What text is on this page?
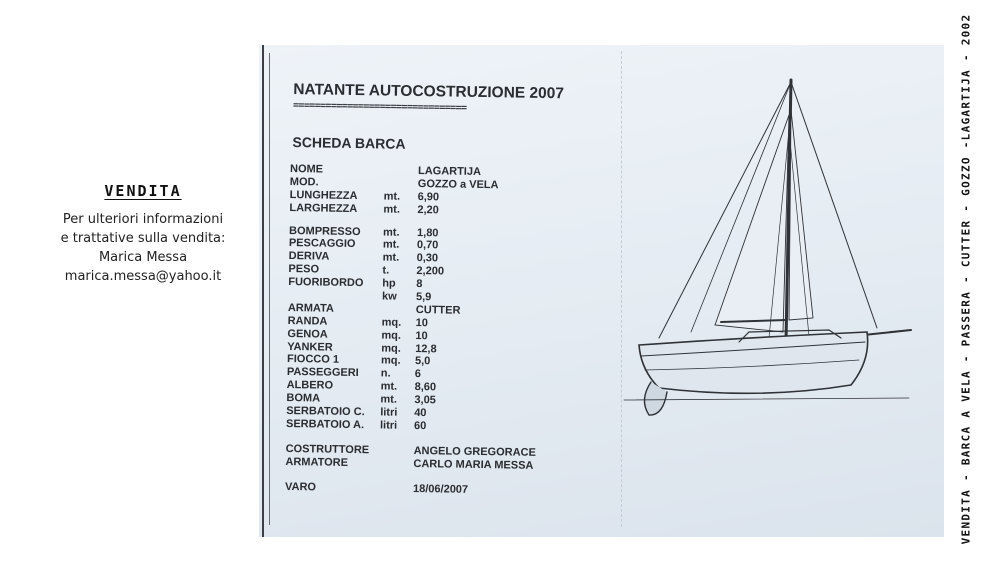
VENDITA

Per ulteriori informazioni

e trattative sulla vendita:

Marica Messa

marica.messa@yahoo.it	VENDITA - BARCA A VELA - PASSERA - CUTTER - GOZZO -LAGARTIJA - 2002
NATANTE AUTOCOSTRUZIONE 2007
================================
SCHEDA BARCA
NOME	LAGARTIJA
MOD.	GOZZO a VELA
LUNGHEZZA mt. 6,90
LARGHEZZA mt. 2,20
BOMPRESSO mt. 1,80
PESCAGGIO mt. 0,70
DERIVA	mt. 0,30
PESO	t. 2,200
FUORIBORDO hp 8
kw 5,9
ARMATA	CUTTER
RANDA	mq. 10
GENOA	mq. 10
YANKER	mq. 12,8
FIOCCO 1	mq. 5,0
PASSEGGERI n. 6
ALBERO	mt. 8,60
BOMA	mt. 3,05
SERBATOIO C. litri 40
SERBATOIO A. litri 60
COSTRUTTORE	ANGELO GREGORACE
ARMATORE	CARLO MARIA MESSA
VARO	18/06/2007
